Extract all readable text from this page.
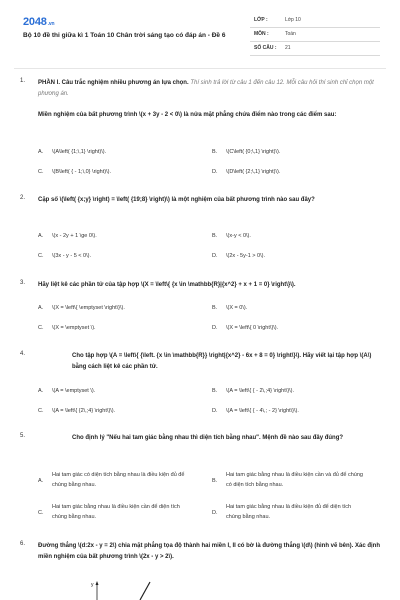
2048.vn
Bộ 10 đề thi giữa kì 1 Toán 10 Chân trời sáng tạo có đáp án - Đề 6
LỚP :	Lớp 10
MÔN :	Toán
SỐ CÂU : 21
1. PHẦN I. Câu trắc nghiệm nhiều phương án lựa chọn. Thí sinh trả lời từ câu 1 đến câu 12. Mỗi câu hỏi thí sinh chỉ chọn một phương án.
Miền nghiệm của bất phương trình \(x + 3y - 2 < 0\) là nửa mặt phẳng chứa điểm nào trong các điểm sau:
A. \(A\left( {1;\,1} \right)\).	B. \(C\left( {0;\,1} \right)\).
C. \(B\left( { - 1;\,0} \right)\).	D. \(D\left( {2;\,1} \right)\).
2. Cặp số \(\left( {x;y} \right) = \left( {19;8} \right)\) là một nghiệm của bất phương trình nào sau đây?
A. \(x - 2y + 1 \ge 0\).	B. \(x-y < 0\).
C. \(3x - y - 5 < 0\).	D. \(2x - 5y-1 > 0\).
3. Hãy liệt kê các phần tử của tập hợp \(X = \left\{ {x \in \mathbb{R}|{x^2} + x + 1 = 0} \right\}\).
A. \(X = \left\{ \emptyset \right\}\).	B. \(X = 0\).
C. \(X = \emptyset \).	D. \(X = \left\{ 0 \right\}\).
4.	Cho tập hợp \(A = \left\{ {\left. {x \in \mathbb{R}} \right|{x^2} - 6x + 8 = 0} \right\}\). Hãy viết lại tập hợp \(A\) bằng cách liệt kê các phần tử.
A. \(A = \emptyset \).	B. \(A = \left\{ { - 2\,;4} \right\}\).
C. \(A = \left\{ {2\,;4} \right\}\).	D. \(A = \left\{ { - 4\,; - 2} \right\}\).
5.	Cho định lý "Nếu hai tam giác bằng nhau thì diện tích bằng nhau". Mệnh đề nào sau đây đúng?
A.
Hai tam giác có diện tích bằng nhau là điều kiện đủ để chúng bằng nhau.
B.
Hai tam giác bằng nhau là điều kiện cần và đủ để chúng có diện tích bằng nhau.
C.
Hai tam giác bằng nhau là điều kiện cần để diện tích chúng bằng nhau.
D.
Hai tam giác bằng nhau là điều kiện đủ để diện tích chúng bằng nhau.
6. Đường thẳng \(d:2x - y = 2\) chia mặt phẳng tọa độ thành hai miền I, II có bờ là đường thẳng \(d\) (hình vẽ bên). Xác định miền nghiệm của bất phương trình \(2x - y > 2\).
y
